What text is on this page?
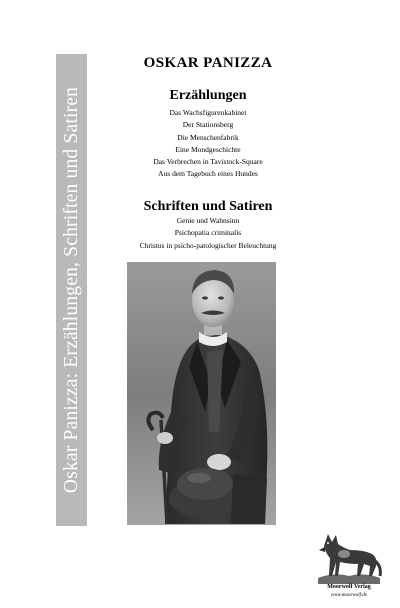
Oskar Panizza: Erzählungen, Schriften und Satiren
OSKAR PANIZZA
Erzählungen
Das Wachsfigurenkabinet
Der Stationsberg
Die Menschenfabrik
Eine Mondgeschichte
Das Verbrechen in Tavistock-Square
Aus dem Tagebuch eines Hundes
Schriften und Satiren
Genie und Wahnsinn
Psichopatia criminalis
Christus in psicho-patologischer Beleuchtung
Moorwolf Verlag
www.moorwolf.de
